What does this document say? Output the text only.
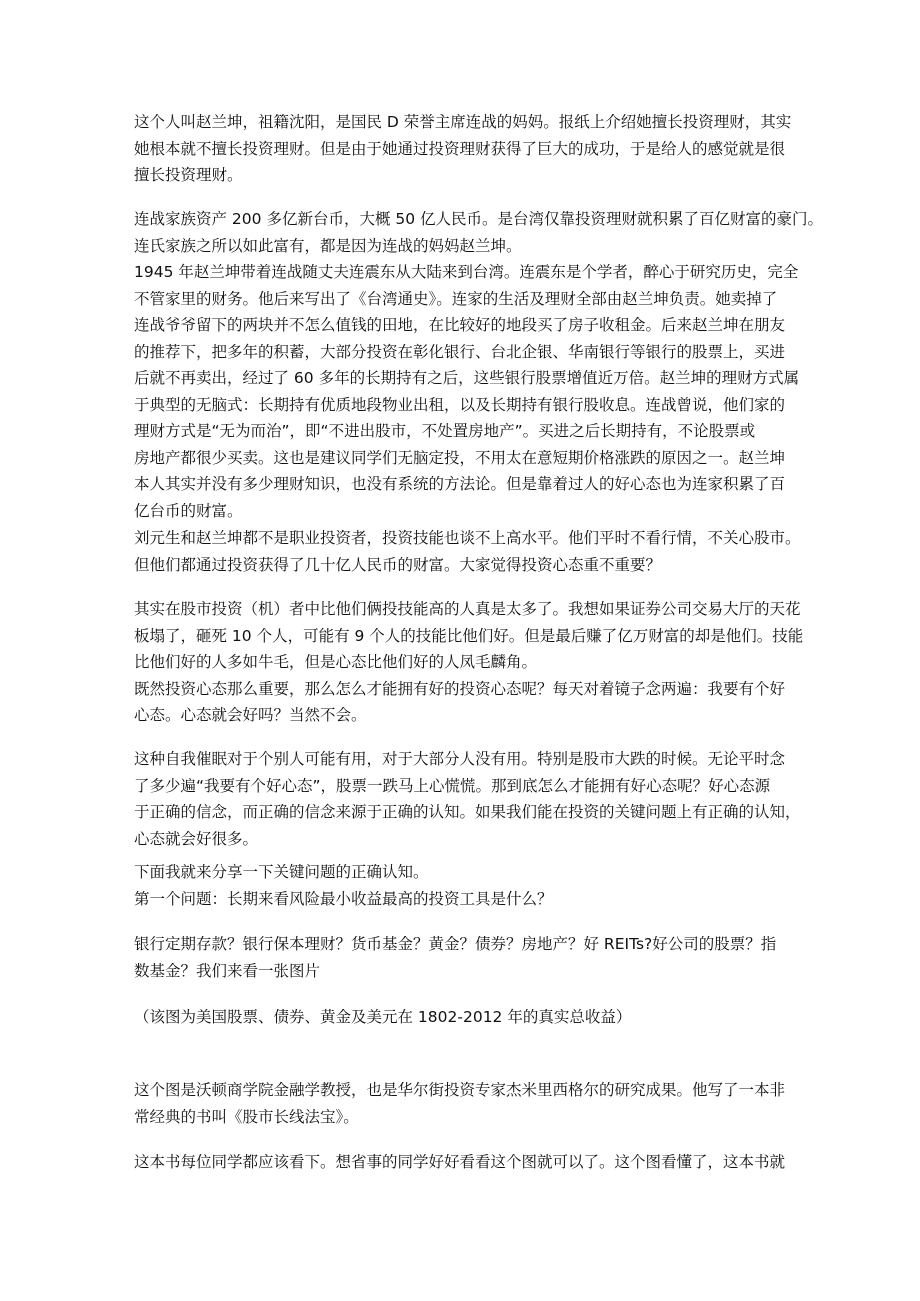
这个人叫赵兰坤，祖籍沈阳，是国民 D 荣誉主席连战的妈妈。报纸上介绍她擅长投资理财，其实

她根本就不擅长投资理财。但是由于她通过投资理财获得了巨大的成功，于是给人的感觉就是很

擅长投资理财。

连战家族资产 200 多亿新台币，大概 50 亿人民币。是台湾仅靠投资理财就积累了百亿财富的豪门。

连氏家族之所以如此富有，都是因为连战的妈妈赵兰坤。

1945 年赵兰坤带着连战随丈夫连震东从大陆来到台湾。连震东是个学者，醉心于研究历史，完全

不管家里的财务。他后来写出了《台湾通史》。连家的生活及理财全部由赵兰坤负责。她卖掉了

连战爷爷留下的两块并不怎么值钱的田地，在比较好的地段买了房子收租金。后来赵兰坤在朋友

的推荐下，把多年的积蓄，大部分投资在彰化银行、台北企银、华南银行等银行的股票上，买进

后就不再卖出，经过了 60 多年的长期持有之后，这些银行股票增值近万倍。赵兰坤的理财方式属

于典型的无脑式：长期持有优质地段物业出租，以及长期持有银行股收息。连战曾说，他们家的

理财方式是“无为而治”，即“不进出股市，不处置房地产”。买进之后长期持有，不论股票或

房地产都很少买卖。这也是建议同学们无脑定投，不用太在意短期价格涨跌的原因之一。赵兰坤

本人其实并没有多少理财知识，也没有系统的方法论。但是靠着过人的好心态也为连家积累了百

亿台币的财富。

刘元生和赵兰坤都不是职业投资者，投资技能也谈不上高水平。他们平时不看行情，不关心股市。

但他们都通过投资获得了几十亿人民币的财富。大家觉得投资心态重不重要？

其实在股市投资（机）者中比他们俩投技能高的人真是太多了。我想如果证券公司交易大厅的天花

板塌了，砸死 10 个人，可能有 9 个人的技能比他们好。但是最后赚了亿万财富的却是他们。技能

比他们好的人多如牛毛，但是心态比他们好的人凤毛麟角。

既然投资心态那么重要，那么怎么才能拥有好的投资心态呢？每天对着镜子念两遍：我要有个好

心态。心态就会好吗？当然不会。

这种自我催眠对于个别人可能有用，对于大部分人没有用。特别是股市大跌的时候。无论平时念

了多少遍“我要有个好心态”，股票一跌马上心慌慌。那到底怎么才能拥有好心态呢？好心态源

于正确的信念，而正确的信念来源于正确的认知。如果我们能在投资的关键问题上有正确的认知，

心态就会好很多。

下面我就来分享一下关键问题的正确认知。

第一个问题：长期来看风险最小收益最高的投资工具是什么？

银行定期存款？银行保本理财？货币基金？黄金？债券？房地产？好 REITs?好公司的股票？指

数基金？我们来看一张图片

（该图为美国股票、债券、黄金及美元在 1802-2012 年的真实总收益）

这个图是沃顿商学院金融学教授，也是华尔街投资专家杰米里西格尔的研究成果。他写了一本非

常经典的书叫《股市长线法宝》。

这本书每位同学都应该看下。想省事的同学好好看看这个图就可以了。这个图看懂了，这本书就
